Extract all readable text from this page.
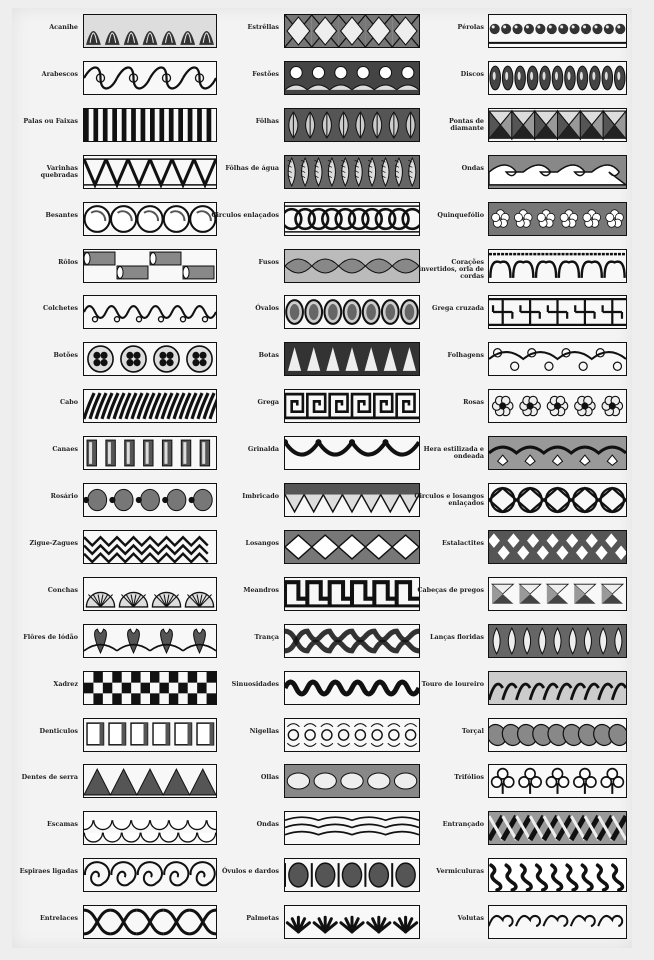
Acanihe
Arabescos
Palas ou Faixas
Varinhas quebradas
Besantes
Rôlos
Colchetes
Botões
Cabo
Canaes
Rosário
Zigue-Zagues
Conchas
Flôres de lódão
Xadrez
Denticulos
Dentes de serra
Escamas
Espiraes ligadas
Entrelaces
Estrêllas
Festões
Fôlhas
Fôlhas de água
Circulos enlaçados
Fusos
Óvalos
Botas
Grega
Grinalda
Imbricado
Losangos
Meandros
Trança
Sinuosidades
Nigellas
Ollas
Ondas
Óvulos e dardos
Palmetas
Pérolas
Discos
Pontas de diamante
Ondas
Quinquefólio
Corações invertidos, orla de cordas
Grega cruzada
Folhagens
Rosas
Hera estilizada e ondeada
Circulos e losangos enlaçados
Estalactites
Cabeças de pregos
Lanças floridas
Touro de loureiro
Torçal
Trifólios
Entrançado
Vermiculuras
Volutas
